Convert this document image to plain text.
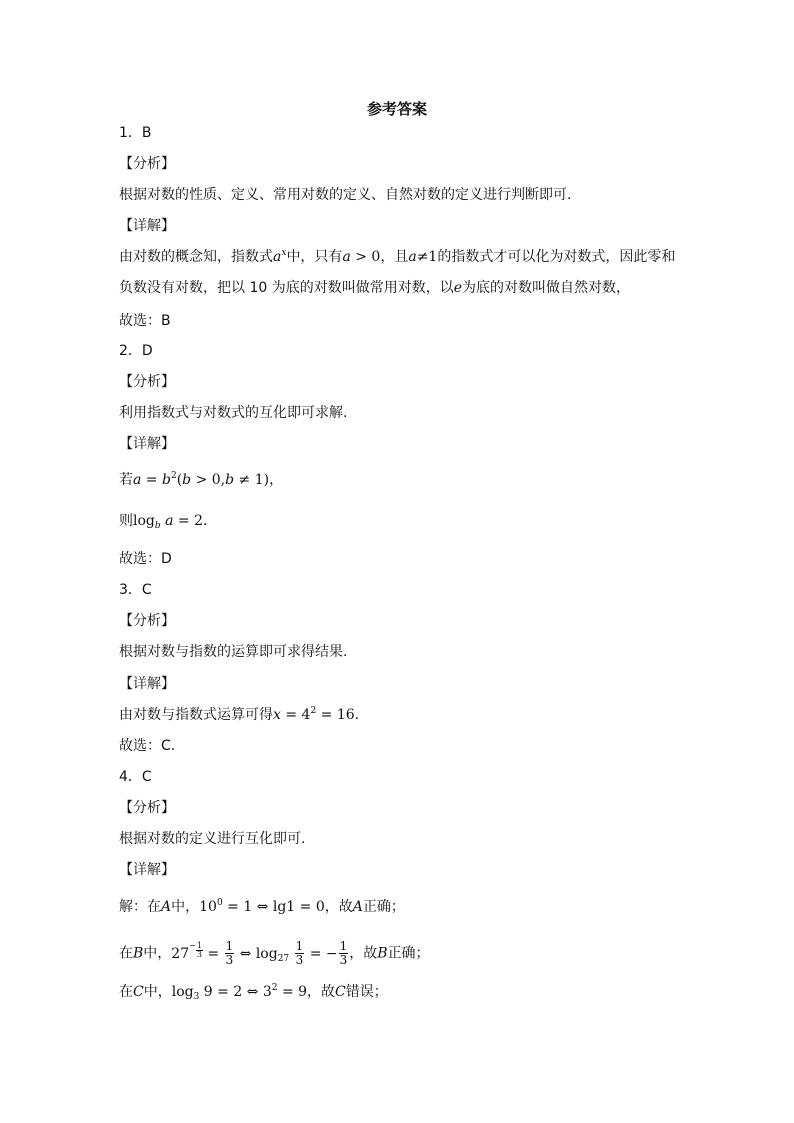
参考答案
1．B
【分析】
根据对数的性质、定义、常用对数的定义、自然对数的定义进行判断即可.
【详解】
由对数的概念知，指数式$a^x$中，只有a > 0，且a≠1的指数式才可以化为对数式，因此零和
负数没有对数，把以 10 为底的对数叫做常用对数，以e为底的对数叫做自然对数，
故选：B
2．D
【分析】
利用指数式与对数式的互化即可求解.
【详解】
若$a = b^2(b > 0,b \ne 1)$，
则$\log_b a = 2$.
故选：D
3．C
【分析】
根据对数与指数的运算即可求得结果.
【详解】
由对数与指数式运算可得$x = 4^2 = 16$.
故选：C.
4．C
【分析】
根据对数的定义进行互化即可.
【详解】
解：在A中，$10^0 = 1$ ⇔ lg1 = 0，故A正确；
在B中，27
− $\frac{1}{3} = \frac{1}{3}$ ⇔ $\log_{27} \frac{1}{3}$ = − $\frac{1}{3}$ ，故B正确；
在C中，$\log_3 9 = 2$ ⇔ $3^2 = 9$，故C错误；
